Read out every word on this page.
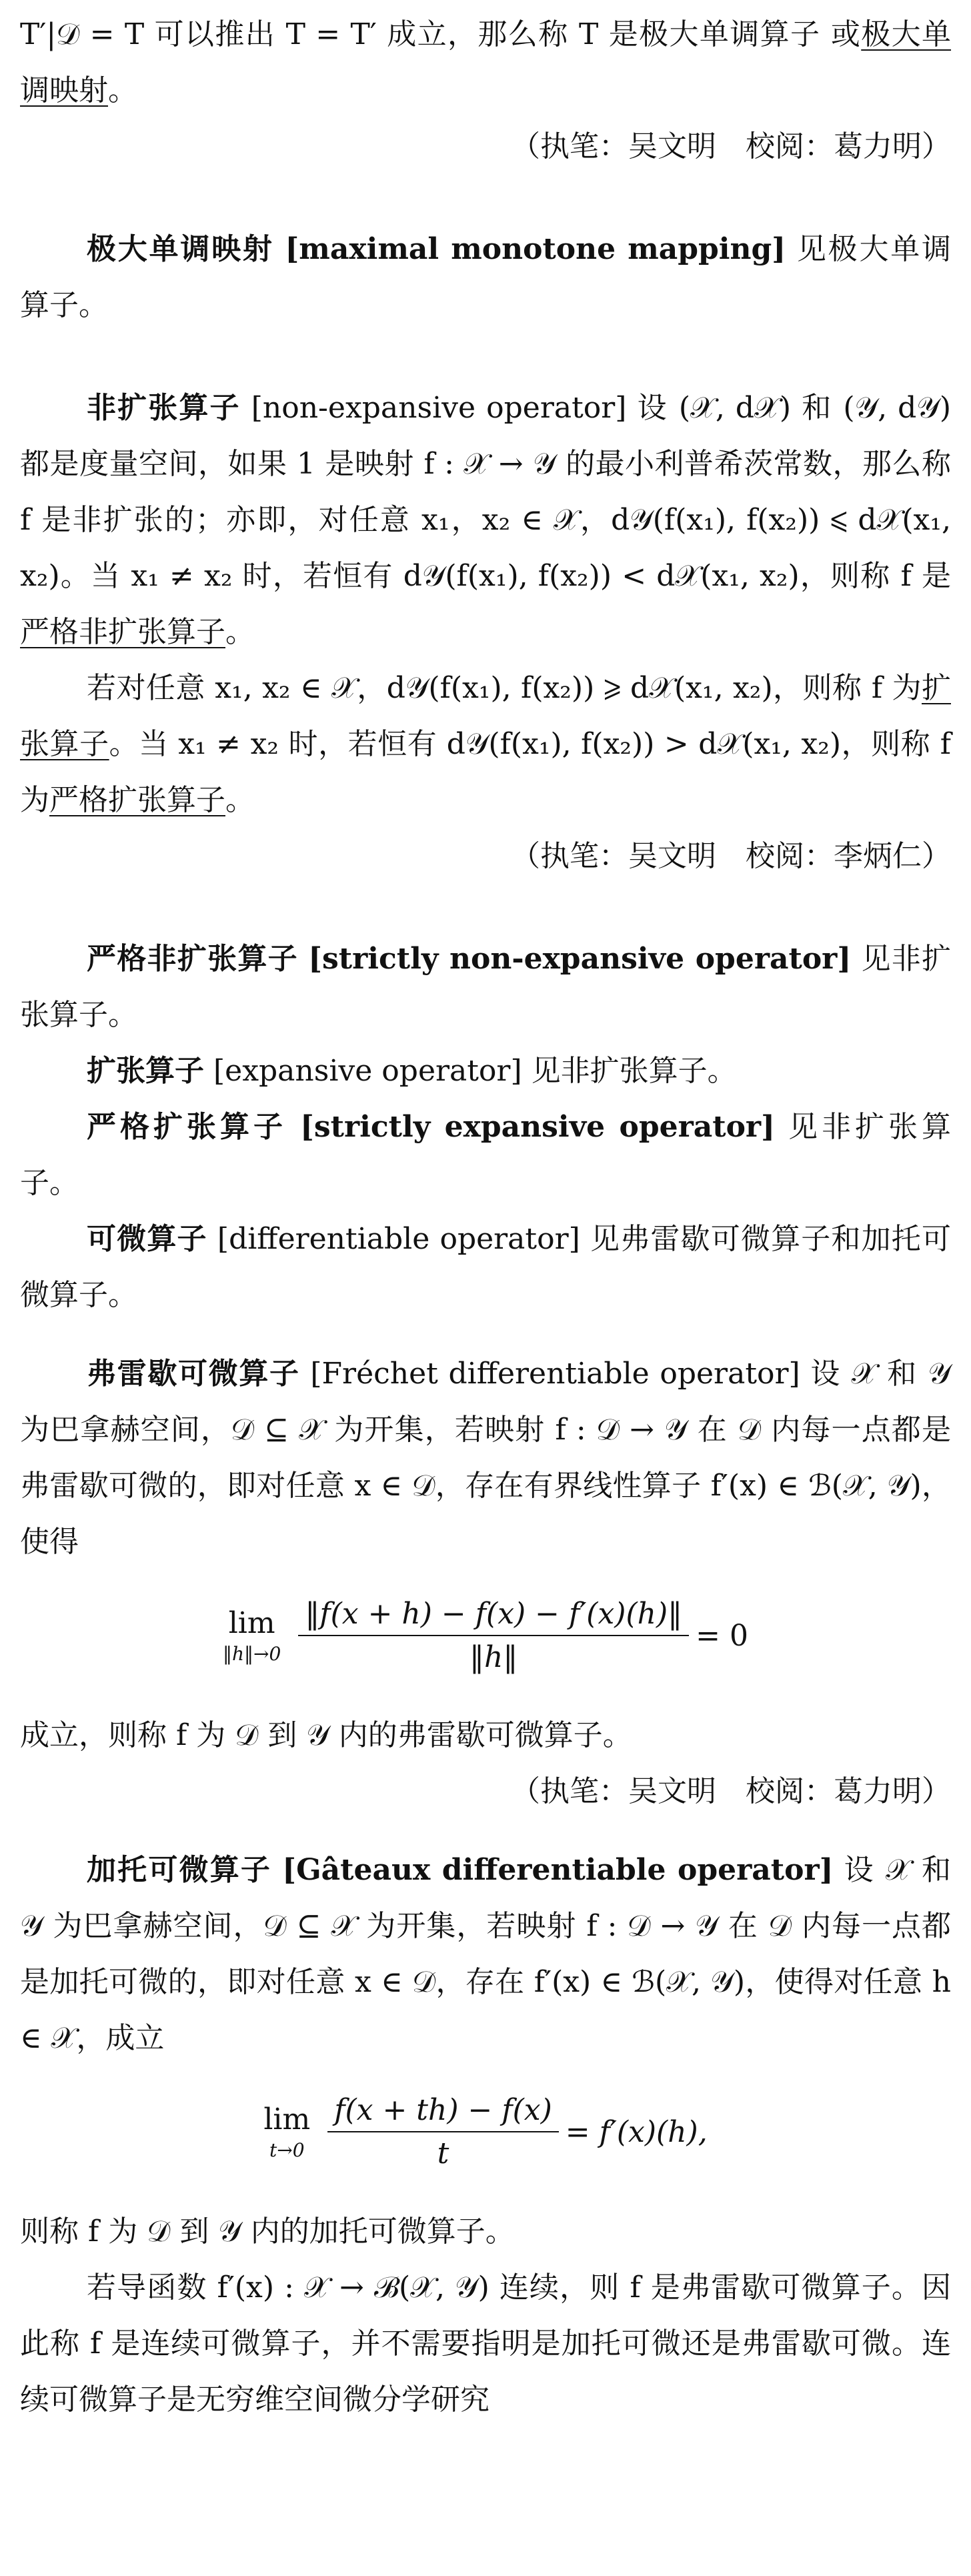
T′|𝒟 = T 可以推出 T = T′ 成立，那么称 T 是极大单调算子 或极大单调映射。

（执笔：吴文明　校阅：葛力明）

极大单调映射 [maximal monotone mapping] 见极大单调算子。

非扩张算子 [non-expansive operator] 设 (𝒳, d𝒳) 和 (𝒴, d𝒴) 都是度量空间，如果 1 是映射 f : 𝒳 → 𝒴 的最小利普希茨常数，那么称 f 是非扩张的；亦即，对任意 x₁，x₂ ∈ 𝒳，d𝒴(f(x₁), f(x₂)) ⩽ d𝒳(x₁, x₂)。当 x₁ ≠ x₂ 时，若恒有 d𝒴(f(x₁), f(x₂)) < d𝒳(x₁, x₂)，则称 f 是严格非扩张算子。

若对任意 x₁, x₂ ∈ 𝒳，d𝒴(f(x₁), f(x₂)) ⩾ d𝒳(x₁, x₂)，则称 f 为扩张算子。当 x₁ ≠ x₂ 时，若恒有 d𝒴(f(x₁), f(x₂)) > d𝒳(x₁, x₂)，则称 f 为严格扩张算子。

（执笔：吴文明　校阅：李炳仁）

严格非扩张算子 [strictly non-expansive operator] 见非扩张算子。

扩张算子 [expansive operator] 见非扩张算子。

严格扩张算子 [strictly expansive operator] 见非扩张算子。

可微算子 [differentiable operator] 见弗雷歇可微算子和加托可微算子。

弗雷歇可微算子 [Fréchet differentiable operator] 设 𝒳 和 𝒴 为巴拿赫空间，𝒟 ⊆ 𝒳 为开集，若映射 f : 𝒟 → 𝒴 在 𝒟 内每一点都是弗雷歇可微的，即对任意 x ∈ 𝒟，存在有界线性算子 f′(x) ∈ ℬ(𝒳, 𝒴)，使得

lim
‖h‖→0 $\frac{‖f(x + h) - f(x) - f'(x)(h)‖}{‖h‖} = 0$

成立，则称 f 为 𝒟 到 𝒴 内的弗雷歇可微算子。

（执笔：吴文明　校阅：葛力明）

加托可微算子 [Gâteaux differentiable operator] 设 𝒳 和 𝒴 为巴拿赫空间，𝒟 ⊆ 𝒳 为开集，若映射 f : 𝒟 → 𝒴 在 𝒟 内每一点都是加托可微的，即对任意 x ∈ 𝒟，存在 f′(x) ∈ ℬ(𝒳, 𝒴)，使得对任意 h ∈ 𝒳，成立

lim
$t\to 0 \frac{f(x + th) - f(x)}{t} = f'(x)(h)$,

则称 f 为 𝒟 到 𝒴 内的加托可微算子。

若导函数 f′(x) : 𝒳 → ℬ(𝒳, 𝒴) 连续，则 f 是弗雷歇可微算子。因此称 f 是连续可微算子，并不需要指明是加托可微还是弗雷歇可微。连续可微算子是无穷维空间微分学研究
